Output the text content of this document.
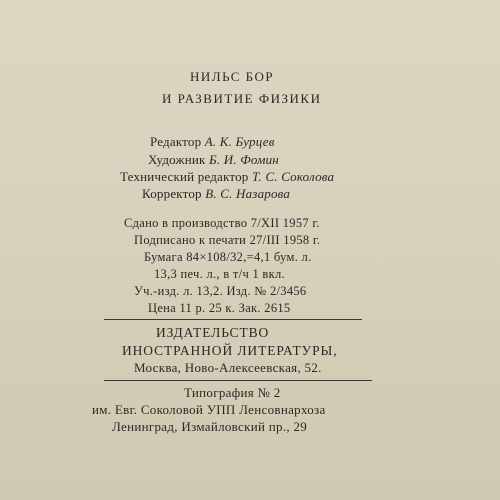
НИЛЬС БОР
И РАЗВИТИЕ ФИЗИКИ
Редактор А. К. Бурцев
Художник Б. И. Фомин
Технический редактор Т. С. Соколова
Корректор В. С. Назарова
Сдано в производство 7/XII 1957 г.
Подписано к печати 27/III 1958 г.
Бумага 84×108/32,=4,1 бум. л.
13,3 печ. л., в т/ч 1 вкл.
Уч.-изд. л. 13,2. Изд. № 2/3456
Цена 11 р. 25 к. Зак. 2615
ИЗДАТЕЛЬСТВО
ИНОСТРАННОЙ ЛИТЕРАТУРЫ,
Москва, Ново-Алексеевская, 52.
Типография № 2
им. Евг. Соколовой УПП Ленсовнархоза
Ленинград, Измайловский пр., 29
